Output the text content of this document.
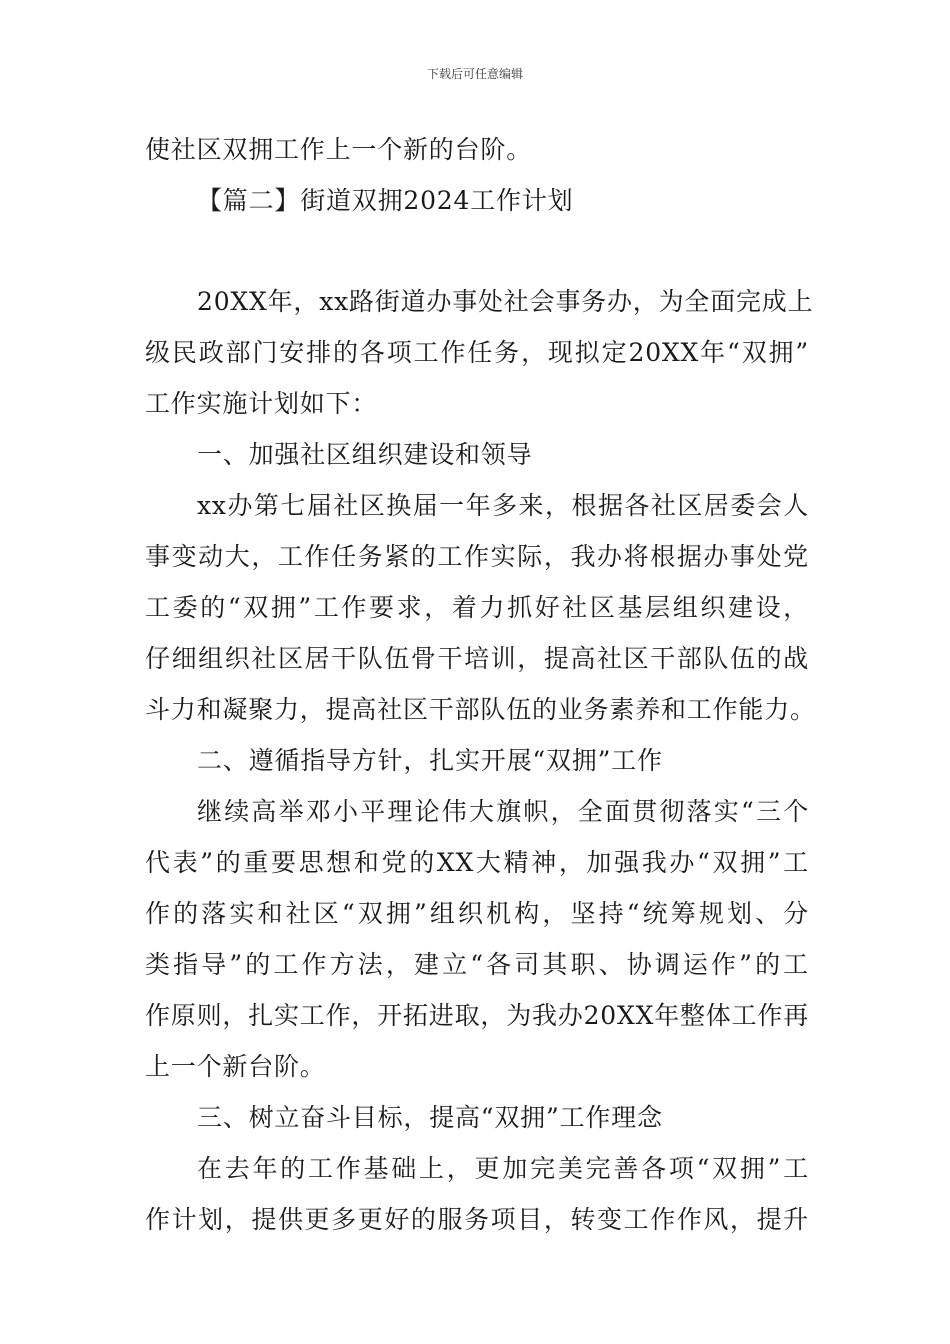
下载后可任意编辑
使社区双拥工作上一个新的台阶。
【篇二】街道双拥2024工作计划
20XX年，xx路街道办事处社会事务办，为全面完成上
级民政部门安排的各项工作任务，现拟定20XX年“双拥”
工作实施计划如下：
一、加强社区组织建设和领导
xx办第七届社区换届一年多来，根据各社区居委会人
事变动大，工作任务紧的工作实际，我办将根据办事处党
工委的“双拥”工作要求，着力抓好社区基层组织建设，
仔细组织社区居干队伍骨干培训，提高社区干部队伍的战
斗力和凝聚力，提高社区干部队伍的业务素养和工作能力。
二、遵循指导方针，扎实开展“双拥”工作
继续高举邓小平理论伟大旗帜，全面贯彻落实“三个
代表”的重要思想和党的XX大精神，加强我办“双拥”工
作的落实和社区“双拥”组织机构，坚持“统筹规划、分
类指导”的工作方法，建立“各司其职、协调运作”的工
作原则，扎实工作，开拓进取，为我办20XX年整体工作再
上一个新台阶。
三、树立奋斗目标，提高“双拥”工作理念
在去年的工作基础上，更加完美完善各项“双拥”工
作计划，提供更多更好的服务项目，转变工作作风，提升
